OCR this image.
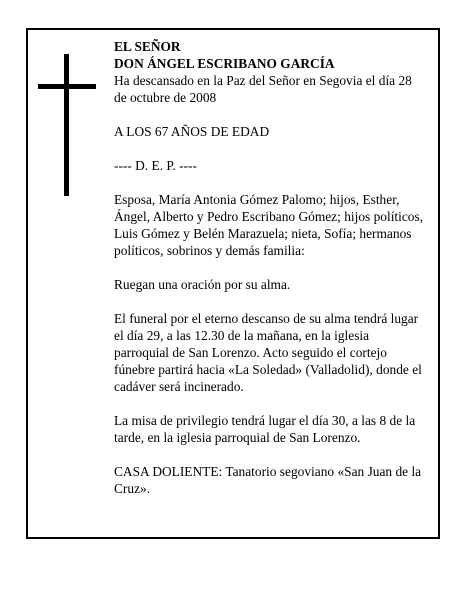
EL SEÑOR

DON ÁNGEL ESCRIBANO GARCÍA

Ha descansado en la Paz del Señor en Segovia el día 28 de octubre de 2008

A LOS 67 AÑOS DE EDAD

---- D. E. P. ----

Esposa, María Antonia Gómez Palomo; hijos, Esther, Ángel, Alberto y Pedro Escribano Gómez; hijos políticos, Luis Gómez y Belén Marazuela; nieta, Sofía; hermanos políticos, sobrinos y demás familia:

Ruegan una oración por su alma.

El funeral por el eterno descanso de su alma tendrá lugar el día 29, a las 12.30 de la mañana, en la iglesia parroquial de San Lorenzo. Acto seguido el cortejo fúnebre partirá hacia «La Soledad» (Valladolid), donde el cadáver será incinerado.

La misa de privilegio tendrá lugar el día 30, a las 8 de la tarde, en la iglesia parroquial de San Lorenzo.

CASA DOLIENTE: Tanatorio segoviano «San Juan de la Cruz».
